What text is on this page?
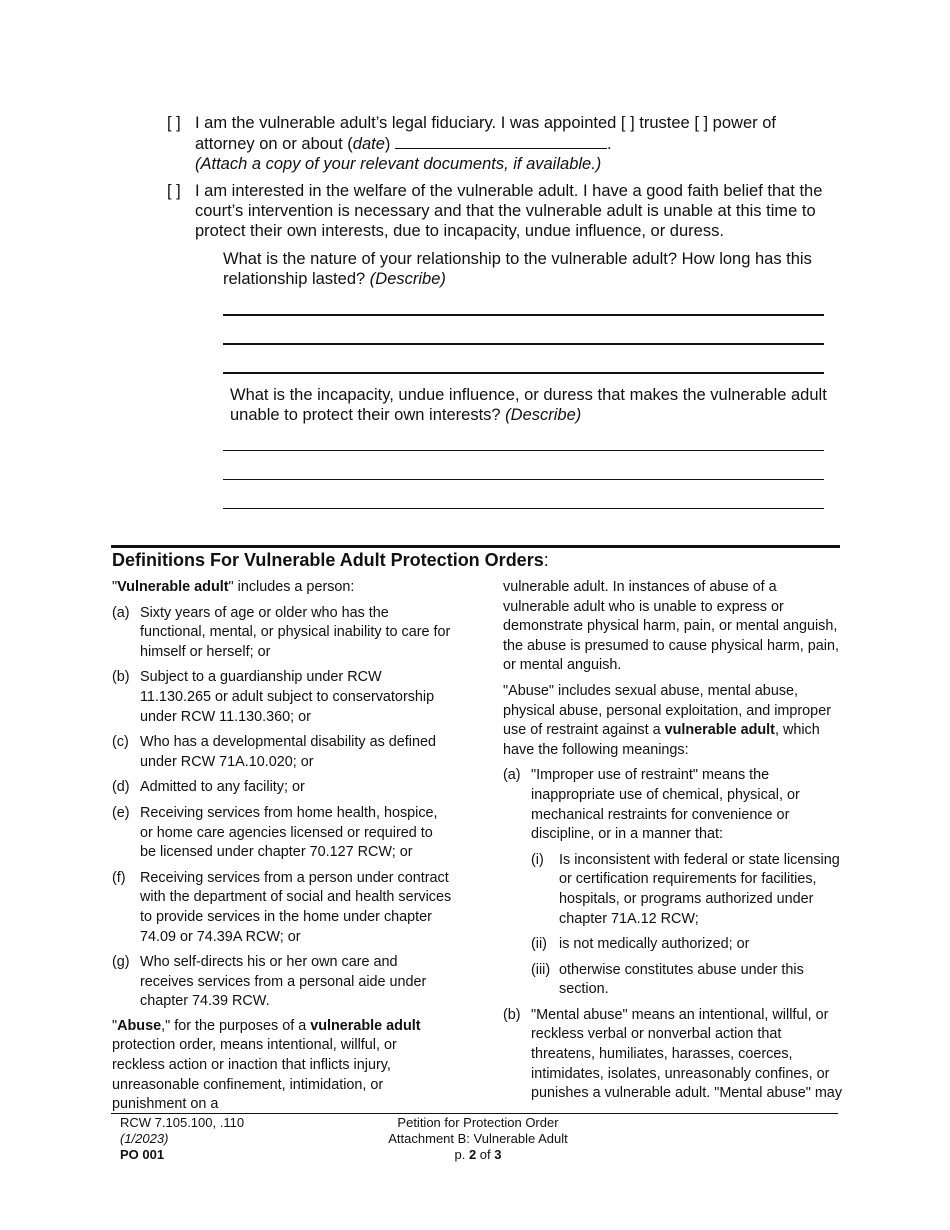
[ ] I am the vulnerable adult’s legal fiduciary. I was appointed [ ] trustee [ ] power of
attorney on or about (date)	.
(Attach a copy of your relevant documents, if available.)
[ ] I am interested in the welfare of the vulnerable adult. I have a good faith belief that the court’s intervention is necessary and that the vulnerable adult is unable at this time to protect their own interests, due to incapacity, undue influence, or duress.
What is the nature of your relationship to the vulnerable adult? How long has this relationship lasted? (Describe)
What is the incapacity, undue influence, or duress that makes the vulnerable adult unable to protect their own interests? (Describe)
Definitions For Vulnerable Adult Protection Orders:

"Vulnerable adult" includes a person:

(a) Sixty years of age or older who has the functional, mental, or physical inability to care for himself or herself; or
(b) Subject to a guardianship under RCW 11.130.265 or adult subject to conservatorship under RCW 11.130.360; or
(c) Who has a developmental disability as defined under RCW 71A.10.020; or
(d) Admitted to any facility; or
(e) Receiving services from home health, hospice, or home care agencies licensed or required to be licensed under chapter 70.127 RCW; or
(f) Receiving services from a person under contract with the department of social and health services to provide services in the home under chapter 74.09 or 74.39A RCW; or
(g) Who self-directs his or her own care and receives services from a personal aide under chapter 74.39 RCW.

"Abuse," for the purposes of a vulnerable adult protection order, means intentional, willful, or reckless action or inaction that inflicts injury, unreasonable confinement, intimidation, or punishment on a

vulnerable adult. In instances of abuse of a vulnerable adult who is unable to express or demonstrate physical harm, pain, or mental anguish, the abuse is presumed to cause physical harm, pain, or mental anguish.

"Abuse" includes sexual abuse, mental abuse, physical abuse, personal exploitation, and improper use of restraint against a vulnerable adult, which have the following meanings:

(a) "Improper use of restraint" means the inappropriate use of chemical, physical, or mechanical restraints for convenience or discipline, or in a manner that:
(i) Is inconsistent with federal or state licensing or certification requirements for facilities, hospitals, or programs authorized under chapter 71A.12 RCW;
(ii) is not medically authorized; or
(iii) otherwise constitutes abuse under this section.
(b) "Mental abuse" means an intentional, willful, or reckless verbal or nonverbal action that threatens, humiliates, harasses, coerces, intimidates, isolates, unreasonably confines, or punishes a vulnerable adult. "Mental abuse" may
RCW 7.105.100, .110
(1/2023)
PO 001
Petition for Protection Order
Attachment B: Vulnerable Adult
p. 2 of 3
